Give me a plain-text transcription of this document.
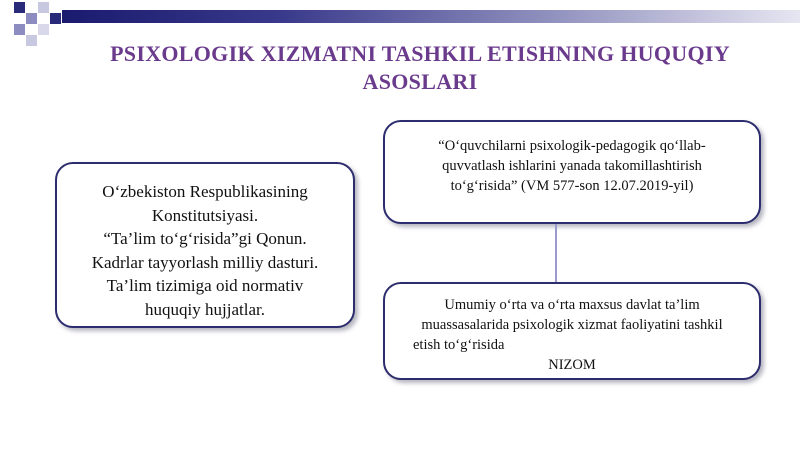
PSIXOLOGIK XIZMATNI TASHKIL ETISHNING HUQUQIY
ASOSLARI
O‘zbekiston Respublikasining
Konstitutsiyasi.
“Ta’lim to‘g‘risida”gi Qonun.
Kadrlar tayyorlash milliy dasturi.
Ta’lim tizimiga oid normativ
huquqiy hujjatlar.
“O‘quvchilarni psixologik-pedagogik qo‘llab-
quvvatlash ishlarini yanada takomillashtirish
to‘g‘risida” (VM 577-son 12.07.2019-yil)
Umumiy o‘rta va o‘rta maxsus davlat ta’lim
muassasalarida psixologik xizmat faoliyatini tashkil
etish to‘g‘risida
NIZOM
